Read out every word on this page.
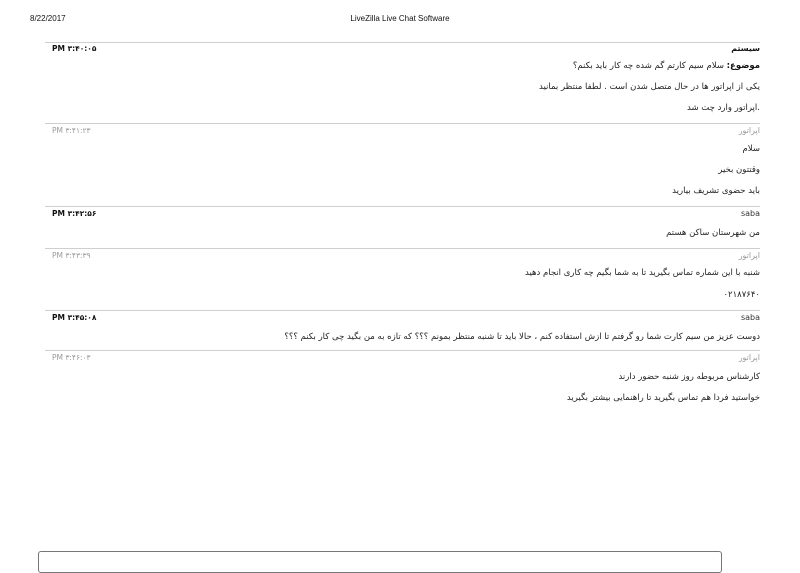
8/22/2017	LiveZilla Live Chat Software
سیستم
PM ۳:۴۰:۰۵
موضوع: سلام سیم کارتم گم شده چه کار باید بکنم؟
یکی از اپراتور ها در حال متصل شدن است . لطفا منتظر بمانید
.اپراتور وارد چت شد
اپراتور
PM ۳:۴۱:۲۳
سلام
وقتتون بخیر
باید حضوی تشریف بیارید
saba
PM ۳:۴۲:۵۶
من شهرستان ساکن هستم
اپراتور
PM ۳:۴۳:۳۹
شنبه با این شماره تماس بگیرید تا به شما بگیم چه کاری انجام دهید
۰۲۱۸۷۶۴۰
saba
PM ۳:۴۵:۰۸
دوست عزیز من سیم کارت شما رو گرفتم تا ازش استفاده کنم ، حالا باید تا شنبه منتظر بمونم ؟؟؟ که تازه به من بگید چی کار بکنم ؟؟؟
اپراتور
PM ۳:۴۶:۰۳
کارشناس مربوطه روز شنبه حضور دارند
خواستید فردا هم تماس بگیرید تا راهنمایی بیشتر بگیرید
